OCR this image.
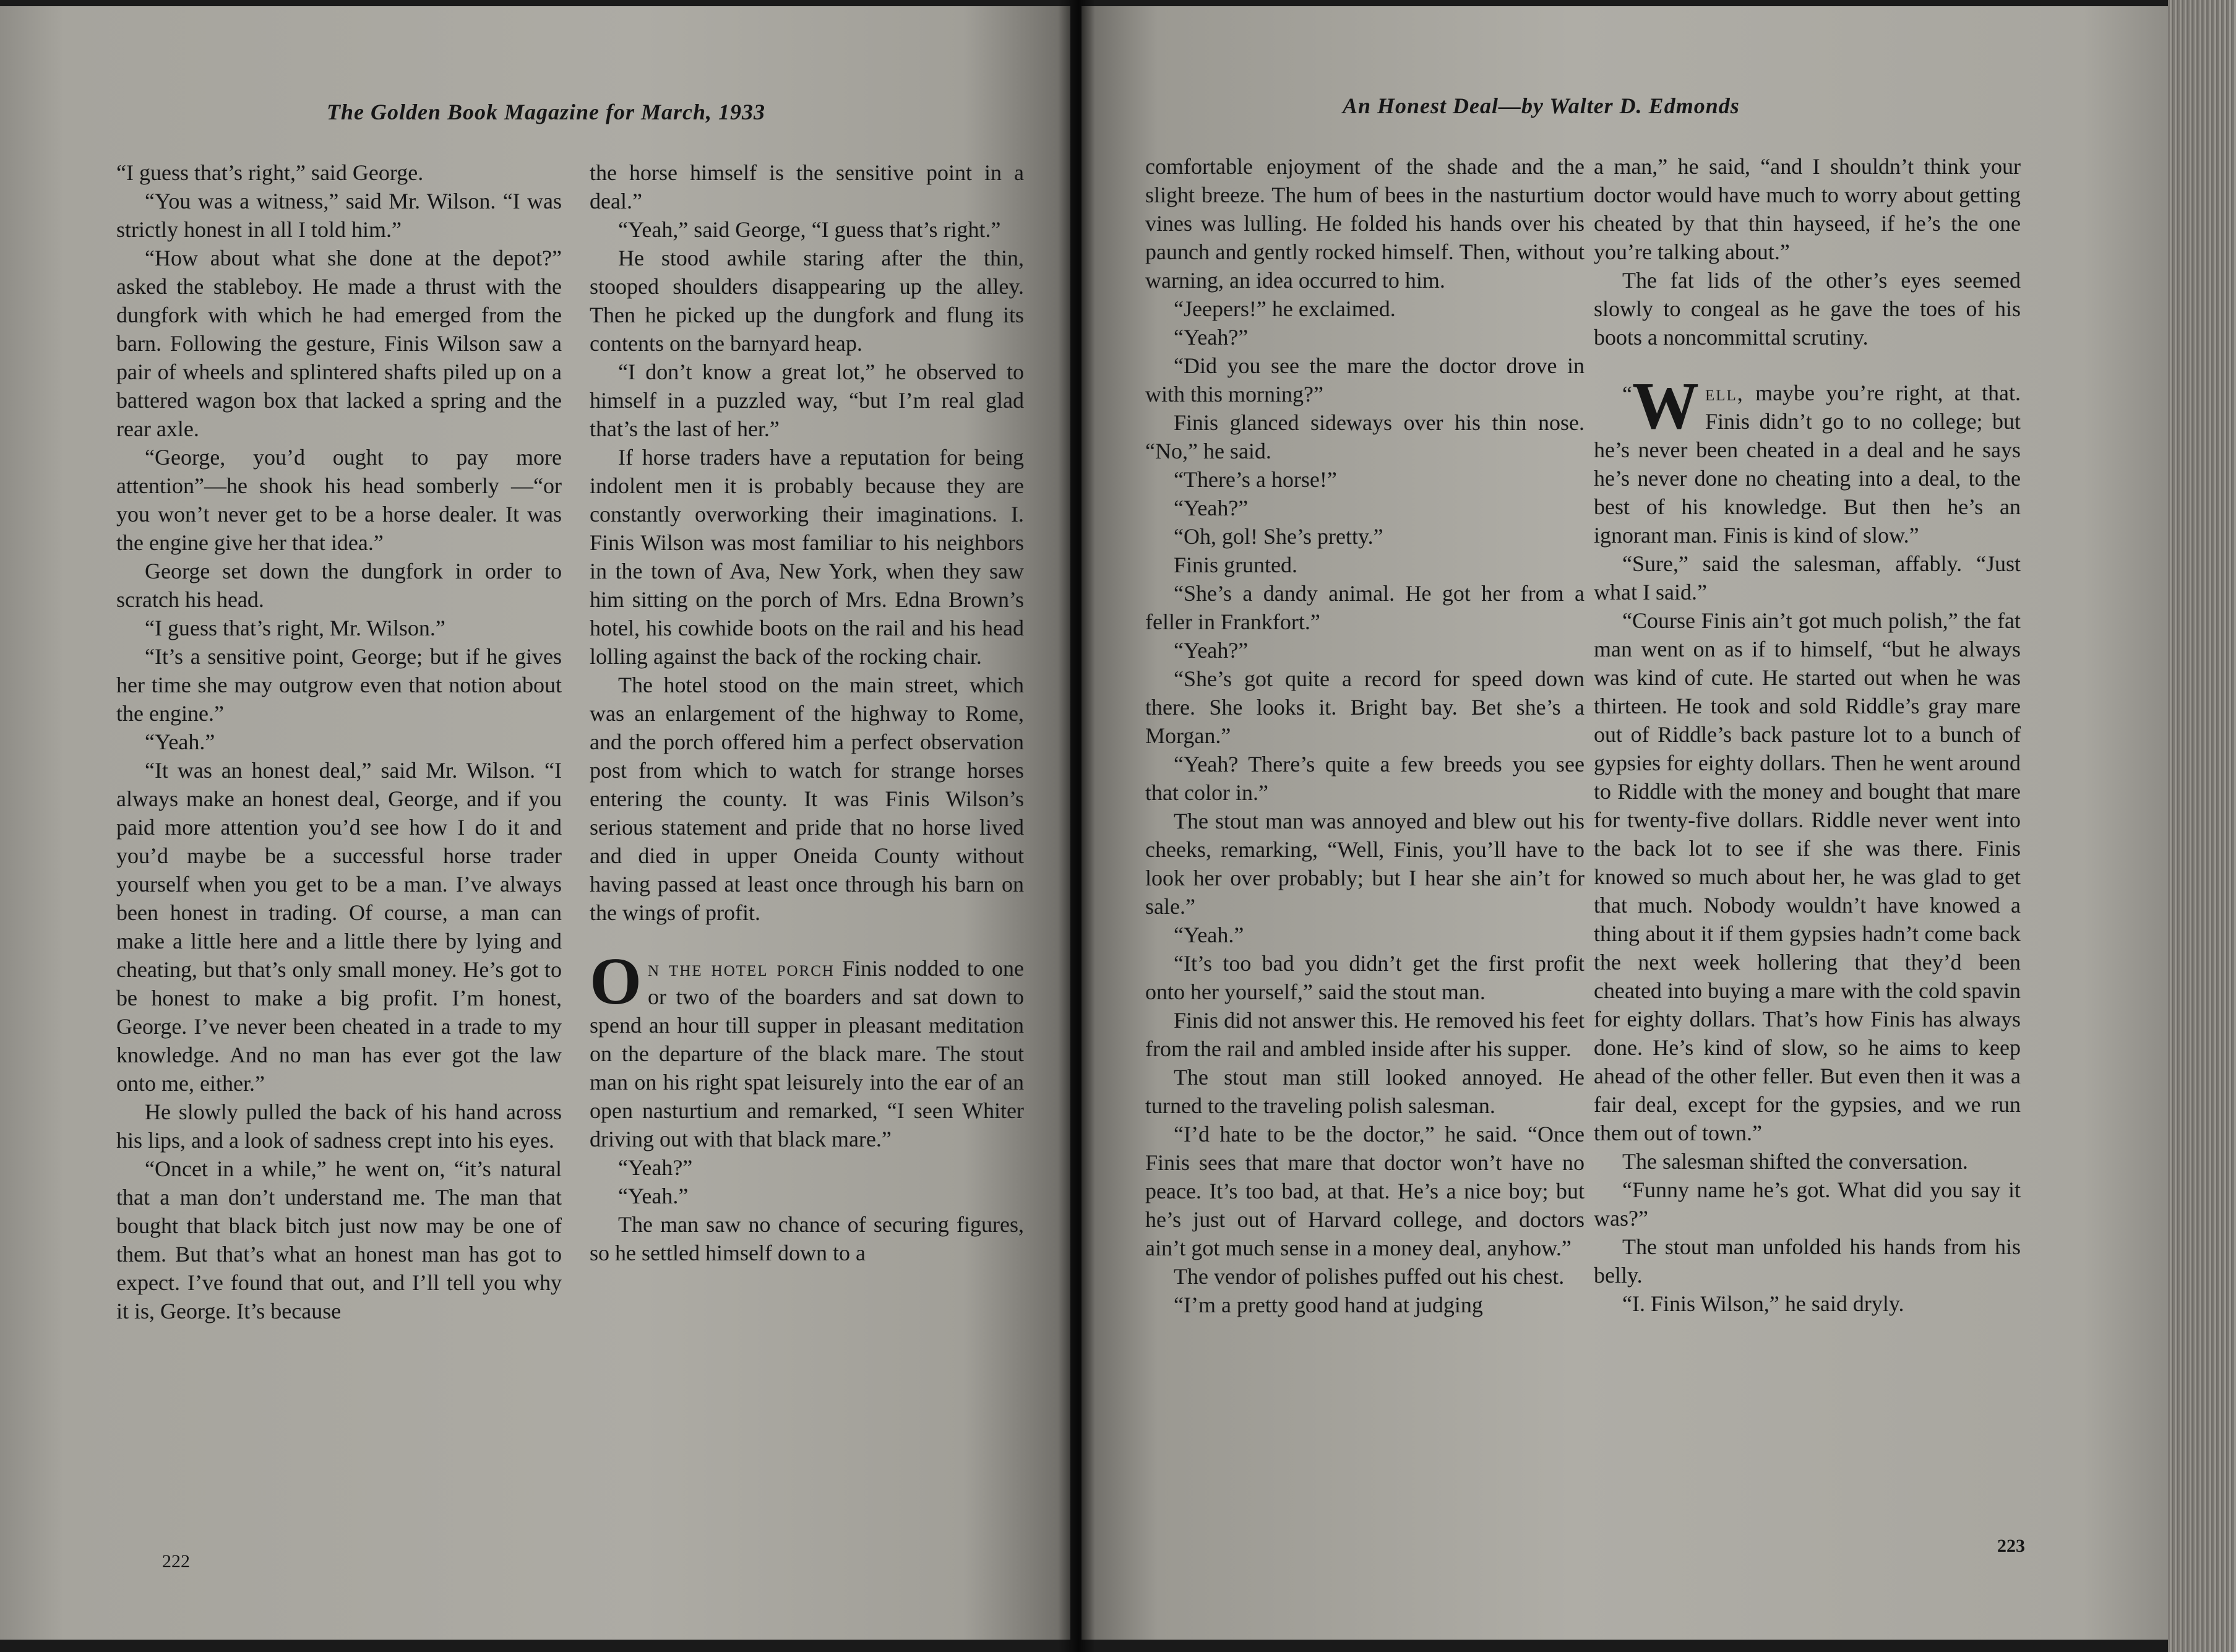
The Golden Book Magazine for March, 1933

“I guess that’s right,” said George.

“You was a witness,” said Mr. Wilson. “I was strictly honest in all I told him.”

“How about what she done at the depot?” asked the stableboy. He made a thrust with the dungfork with which he had emerged from the barn. Following the gesture, Finis Wilson saw a pair of wheels and splintered shafts piled up on a battered wagon box that lacked a spring and the rear axle.

“George, you’d ought to pay more attention”—he shook his head somberly —“or you won’t never get to be a horse dealer. It was the engine give her that idea.”

George set down the dungfork in order to scratch his head.

“I guess that’s right, Mr. Wilson.”

“It’s a sensitive point, George; but if he gives her time she may outgrow even that notion about the engine.”

“Yeah.”

“It was an honest deal,” said Mr. Wilson. “I always make an honest deal, George, and if you paid more attention you’d see how I do it and you’d maybe be a successful horse trader yourself when you get to be a man. I’ve always been honest in trading. Of course, a man can make a little here and a little there by lying and cheating, but that’s only small money. He’s got to be honest to make a big profit. I’m honest, George. I’ve never been cheated in a trade to my knowledge. And no man has ever got the law onto me, either.”

He slowly pulled the back of his hand across his lips, and a look of sadness crept into his eyes.

“Oncet in a while,” he went on, “it’s natural that a man don’t understand me. The man that bought that black bitch just now may be one of them. But that’s what an honest man has got to expect. I’ve found that out, and I’ll tell you why it is, George. It’s because

the horse himself is the sensitive point in a deal.”

“Yeah,” said George, “I guess that’s right.”

He stood awhile staring after the thin, stooped shoulders disappearing up the alley. Then he picked up the dungfork and flung its contents on the barnyard heap.

“I don’t know a great lot,” he observed to himself in a puzzled way, “but I’m real glad that’s the last of her.”

If horse traders have a reputation for being indolent men it is probably because they are constantly overworking their imaginations. I. Finis Wilson was most familiar to his neighbors in the town of Ava, New York, when they saw him sitting on the porch of Mrs. Edna Brown’s hotel, his cowhide boots on the rail and his head lolling against the back of the rocking chair.

The hotel stood on the main street, which was an enlargement of the highway to Rome, and the porch offered him a perfect observation post from which to watch for strange horses entering the county. It was Finis Wilson’s serious statement and pride that no horse lived and died in upper Oneida County without having passed at least once through his barn on the wings of profit.

On the hotel porch Finis nodded to one or two of the boarders and sat down to spend an hour till supper in pleasant meditation on the departure of the black mare. The stout man on his right spat leisurely into the ear of an open nasturtium and remarked, “I seen Whiter driving out with that black mare.”

“Yeah?”

“Yeah.”

The man saw no chance of securing figures, so he settled himself down to a

222
An Honest Deal—by Walter D. Edmonds

comfortable enjoyment of the shade and the slight breeze. The hum of bees in the nasturtium vines was lulling. He folded his hands over his paunch and gently rocked himself. Then, without warning, an idea occurred to him.

“Jeepers!” he exclaimed.

“Yeah?”

“Did you see the mare the doctor drove in with this morning?”

Finis glanced sideways over his thin nose. “No,” he said.

“There’s a horse!”

“Yeah?”

“Oh, gol! She’s pretty.”

Finis grunted.

“She’s a dandy animal. He got her from a feller in Frankfort.”

“Yeah?”

“She’s got quite a record for speed down there. She looks it. Bright bay. Bet she’s a Morgan.”

“Yeah? There’s quite a few breeds you see that color in.”

The stout man was annoyed and blew out his cheeks, remarking, “Well, Finis, you’ll have to look her over probably; but I hear she ain’t for sale.”

“Yeah.”

“It’s too bad you didn’t get the first profit onto her yourself,” said the stout man.

Finis did not answer this. He removed his feet from the rail and ambled inside after his supper.

The stout man still looked annoyed. He turned to the traveling polish salesman.

“I’d hate to be the doctor,” he said. “Once Finis sees that mare that doctor won’t have no peace. It’s too bad, at that. He’s a nice boy; but he’s just out of Harvard college, and doctors ain’t got much sense in a money deal, anyhow.”

The vendor of polishes puffed out his chest.

“I’m a pretty good hand at judging

a man,” he said, “and I shouldn’t think your doctor would have much to worry about getting cheated by that thin hayseed, if he’s the one you’re talking about.”

The fat lids of the other’s eyes seemed slowly to congeal as he gave the toes of his boots a noncommittal scrutiny.

“ W ell, maybe you’re right, at that. Finis didn’t go to no college; but he’s never been cheated in a deal and he says he’s never done no cheating into a deal, to the best of his knowledge. But then he’s an ignorant man. Finis is kind of slow.”

“Sure,” said the salesman, affably. “Just what I said.”

“Course Finis ain’t got much polish,” the fat man went on as if to himself, “but he always was kind of cute. He started out when he was thirteen. He took and sold Riddle’s gray mare out of Riddle’s back pasture lot to a bunch of gypsies for eighty dollars. Then he went around to Riddle with the money and bought that mare for twenty-five dollars. Riddle never went into the back lot to see if she was there. Finis knowed so much about her, he was glad to get that much. Nobody wouldn’t have knowed a thing about it if them gypsies hadn’t come back the next week hollering that they’d been cheated into buying a mare with the cold spavin for eighty dollars. That’s how Finis has always done. He’s kind of slow, so he aims to keep ahead of the other feller. But even then it was a fair deal, except for the gypsies, and we run them out of town.”

The salesman shifted the conversation.

“Funny name he’s got. What did you say it was?”

The stout man unfolded his hands from his belly.

“I. Finis Wilson,” he said dryly.

223
